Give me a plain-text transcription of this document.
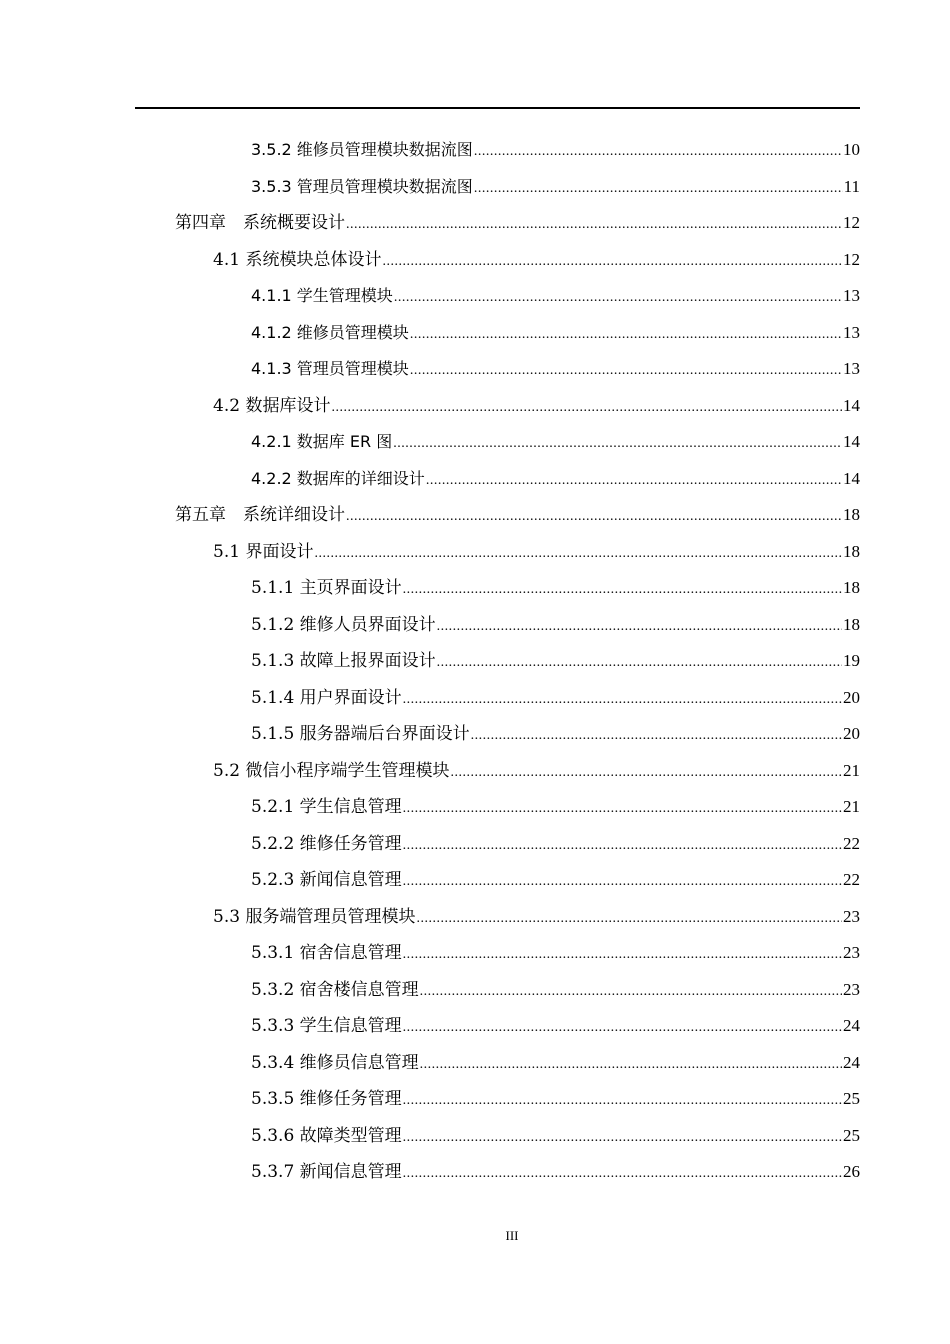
3.5.2 维修员管理模块数据流图 .....	10
3.5.3 管理员管理模块数据流图 .....	11
第四章　系统概要设计 .....	12
4.1 系统模块总体设计 .....	12
4.1.1 学生管理模块 .....	13
4.1.2 维修员管理模块 .....	13
4.1.3 管理员管理模块 .....	13
4.2 数据库设计 .....	14
4.2.1 数据库 ER 图 .....	14
4.2.2 数据库的详细设计 .....	14
第五章　系统详细设计 .....	18
5.1 界面设计 .....	18
5.1.1 主页界面设计 .....	18
5.1.2 维修人员界面设计 .....	18
5.1.3 故障上报界面设计 .....	19
5.1.4 用户界面设计 .....	20
5.1.5 服务器端后台界面设计 .....	20
5.2 微信小程序端学生管理模块 .....	21
5.2.1 学生信息管理 .....	21
5.2.2 维修任务管理 .....	22
5.2.3 新闻信息管理 .....	22
5.3 服务端管理员管理模块 .....	23
5.3.1 宿舍信息管理 .....	23
5.3.2 宿舍楼信息管理 .....	23
5.3.3 学生信息管理 .....	24
5.3.4 维修员信息管理 .....	24
5.3.5 维修任务管理 .....	25
5.3.6 故障类型管理 .....	25
5.3.7 新闻信息管理 .....	26
III
